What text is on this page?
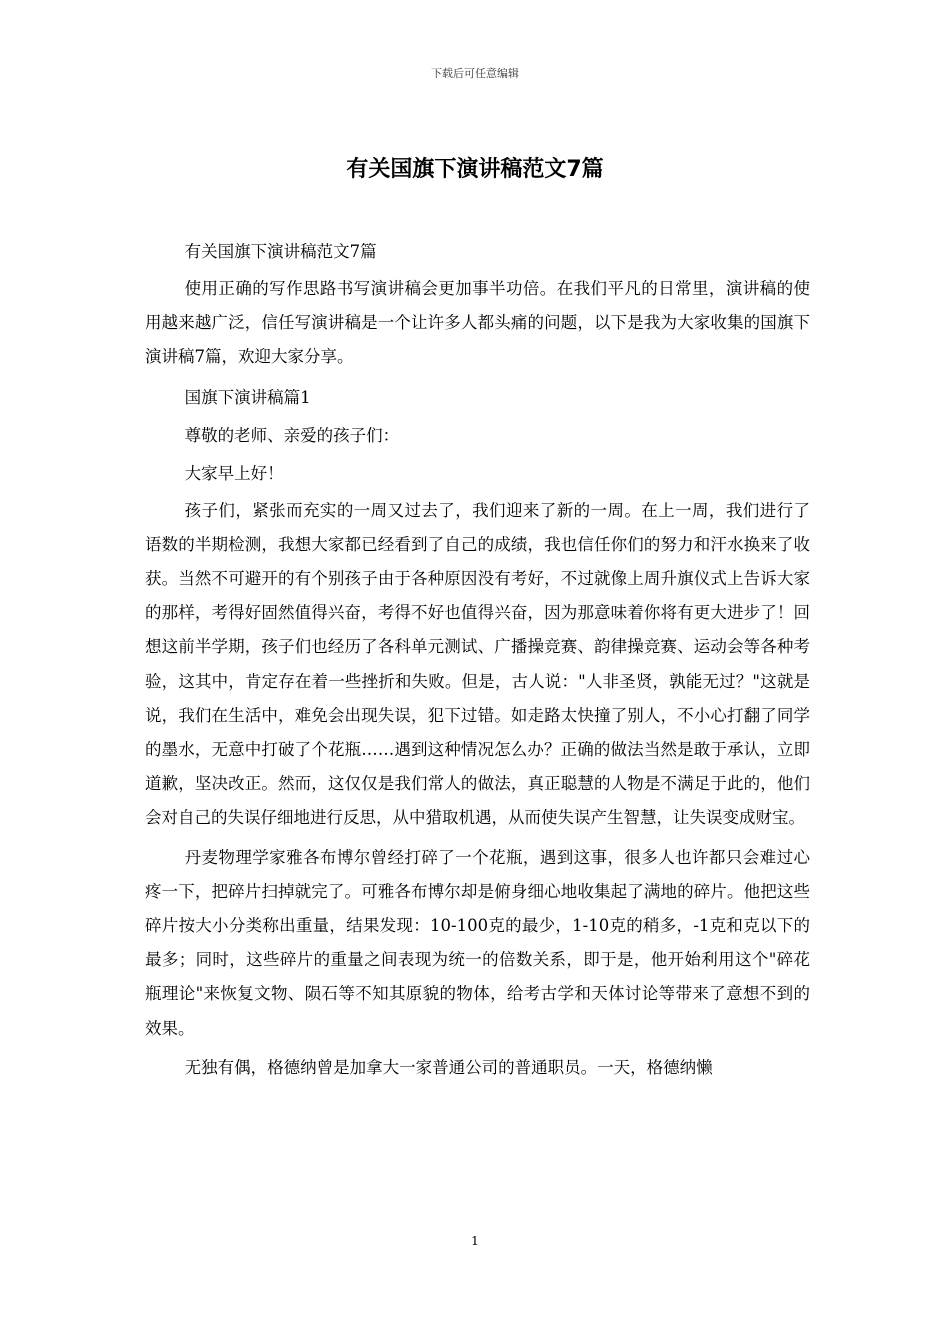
下载后可任意编辑
有关国旗下演讲稿范文7篇

有关国旗下演讲稿范文7篇

使用正确的写作思路书写演讲稿会更加事半功倍。在我们平凡的日常里，演讲稿的使用越来越广泛，信任写演讲稿是一个让许多人都头痛的问题，以下是我为大家收集的国旗下演讲稿7篇，欢迎大家分享。

国旗下演讲稿篇1

尊敬的老师、亲爱的孩子们：

大家早上好！

孩子们，紧张而充实的一周又过去了，我们迎来了新的一周。在上一周，我们进行了语数的半期检测，我想大家都已经看到了自己的成绩，我也信任你们的努力和汗水换来了收获。当然不可避开的有个别孩子由于各种原因没有考好，不过就像上周升旗仪式上告诉大家的那样，考得好固然值得兴奋，考得不好也值得兴奋，因为那意味着你将有更大进步了！回想这前半学期，孩子们也经历了各科单元测试、广播操竞赛、韵律操竞赛、运动会等各种考验，这其中，肯定存在着一些挫折和失败。但是，古人说："人非圣贤，孰能无过？"这就是说，我们在生活中，难免会出现失误，犯下过错。如走路太快撞了别人，不小心打翻了同学的墨水，无意中打破了个花瓶……遇到这种情况怎么办？正确的做法当然是敢于承认，立即道歉，坚决改正。然而，这仅仅是我们常人的做法，真正聪慧的人物是不满足于此的，他们会对自己的失误仔细地进行反思，从中猎取机遇，从而使失误产生智慧，让失误变成财宝。

丹麦物理学家雅各布博尔曾经打碎了一个花瓶，遇到这事，很多人也许都只会难过心疼一下，把碎片扫掉就完了。可雅各布博尔却是俯身细心地收集起了满地的碎片。他把这些碎片按大小分类称出重量，结果发现：10-100克的最少，1-10克的稍多，-1克和克以下的最多；同时，这些碎片的重量之间表现为统一的倍数关系，即于是，他开始利用这个"碎花瓶理论"来恢复文物、陨石等不知其原貌的物体，给考古学和天体讨论等带来了意想不到的效果。

无独有偶，格德纳曾是加拿大一家普通公司的普通职员。一天，格德纳懒

1
